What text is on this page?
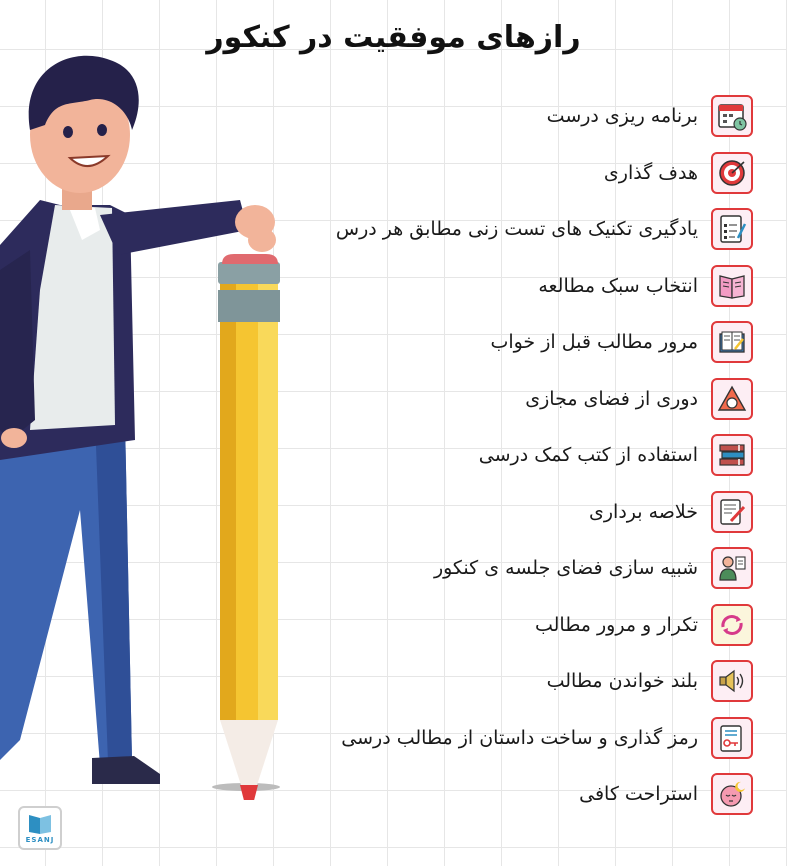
رازهای موفقیت در کنکور
برنامه ریزی درست
هدف گذاری
یادگیری تکنیک های تست زنی مطابق هر درس
انتخاب سبک مطالعه
مرور مطالب قبل از خواب
دوری از فضای مجازی
استفاده از کتب کمک درسی
خلاصه برداری
شبیه سازی فضای جلسه ی کنکور
تکرار و مرور مطالب
بلند خواندن مطالب
رمز گذاری و ساخت داستان از مطالب درسی
استراحت کافی
ESANJ
